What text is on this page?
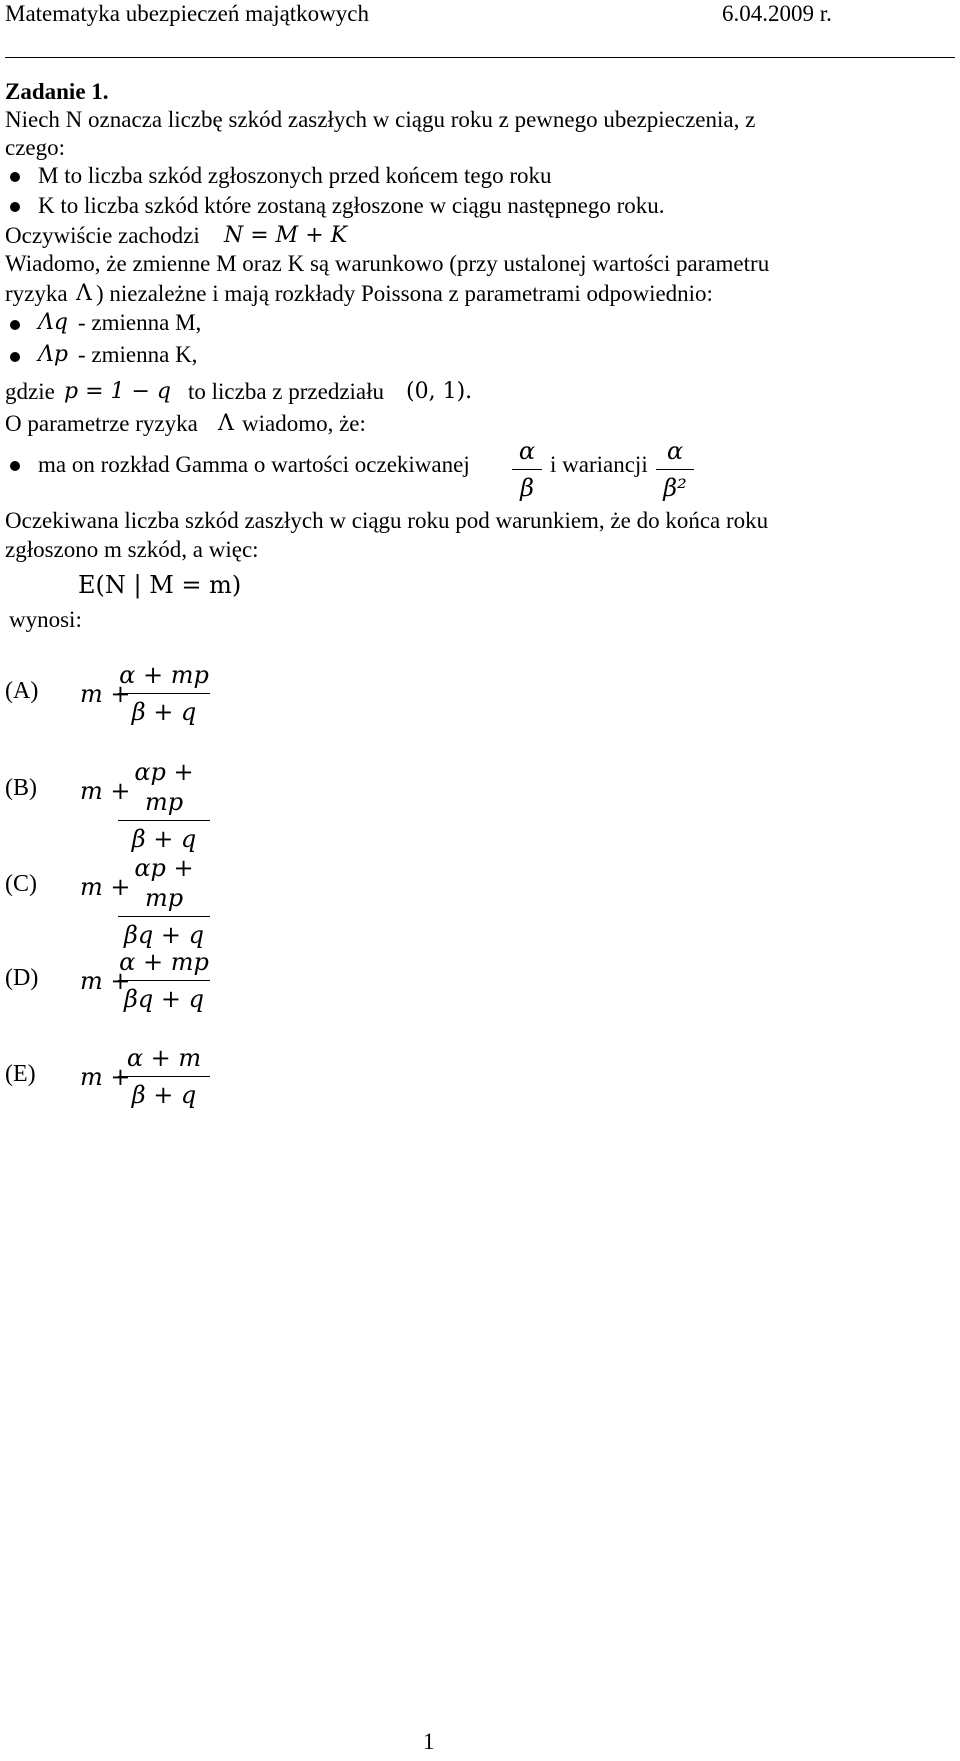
Matematyka ubezpieczeń majątkowych	6.04.2009 r.
Zadanie 1.
Niech N oznacza liczbę szkód zaszłych w ciągu roku z pewnego ubezpieczenia, z
czego:
M to liczba szkód zgłoszonych przed końcem tego roku
K to liczba szkód które zostaną zgłoszone w ciągu następnego roku.
Oczywiście zachodzi N = M + K
Wiadomo, że zmienne M oraz K są warunkowo (przy ustalonej wartości parametru
ryzyka Λ ) niezależne i mają rozkłady Poissona z parametrami odpowiednio:
Λq - zmienna M,
Λp - zmienna K,
gdzie p = 1 − q to liczba z przedziału (0, 1).
O parametrze ryzyka Λ wiadomo, że:
ma on rozkład Gamma o wartości oczekiwanej α
β
i wariancji α
β²
Oczekiwana liczba szkód zaszłych w ciągu roku pod warunkiem, że do końca roku
zgłoszono m szkód, a więc:
E(N | M = m)
wynosi:
(A) m +
α + mp
β + q
(B) m +
αp + mp
β + q
(C) m +
αp + mp
βq + q
(D) m +
α + mp
βq + q
(E) m +
α + m
β + q
1
